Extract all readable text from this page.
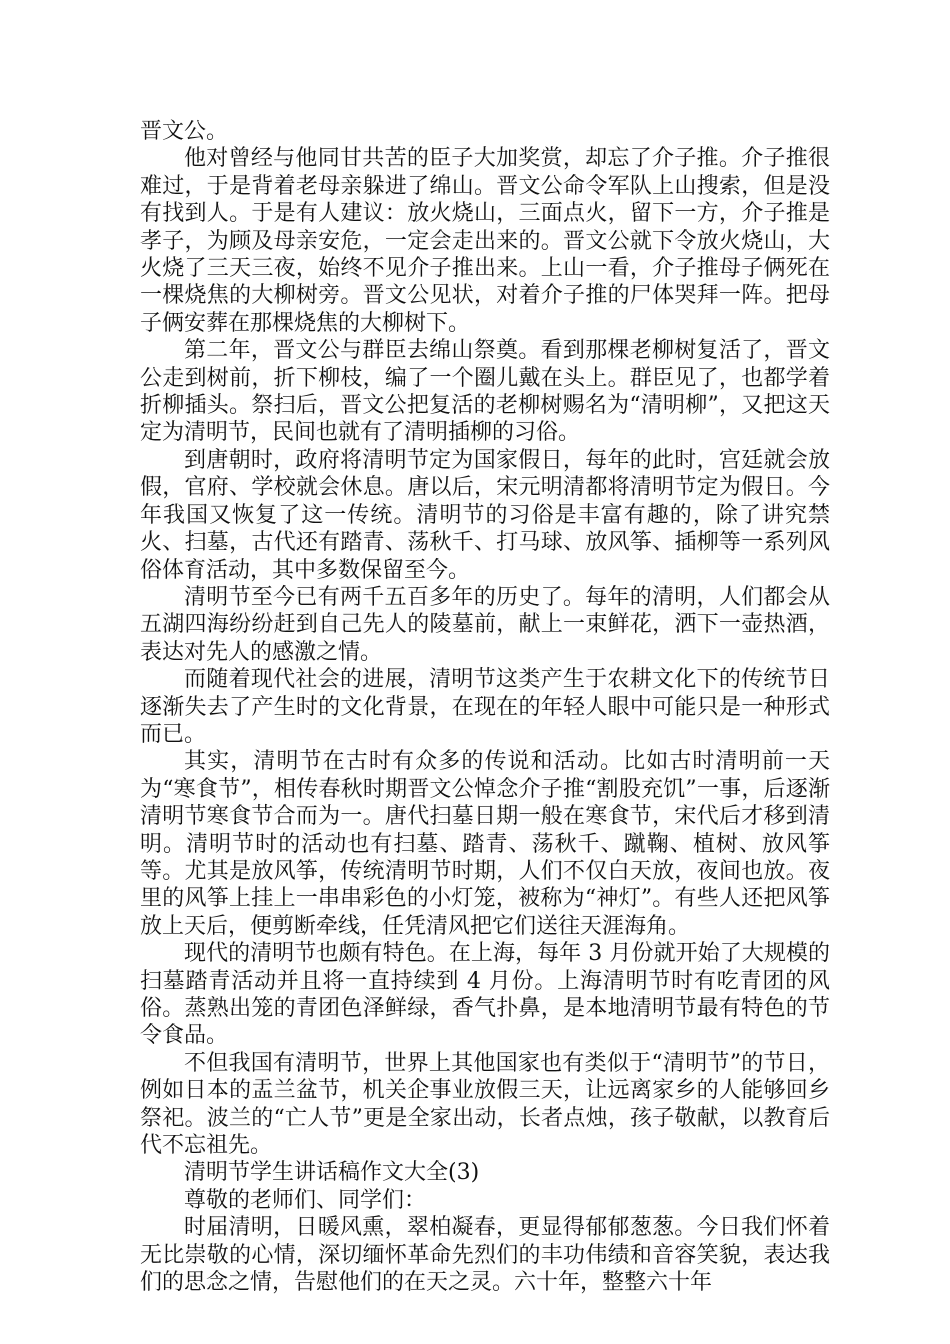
晋文公。

他对曾经与他同甘共苦的臣子大加奖赏，却忘了介子推。介子推很难过，于是背着老母亲躲进了绵山。晋文公命令军队上山搜索，但是没有找到人。于是有人建议：放火烧山，三面点火，留下一方，介子推是孝子，为顾及母亲安危，一定会走出来的。晋文公就下令放火烧山，大火烧了三天三夜，始终不见介子推出来。上山一看，介子推母子俩死在一棵烧焦的大柳树旁。晋文公见状，对着介子推的尸体哭拜一阵。把母子俩安葬在那棵烧焦的大柳树下。

第二年，晋文公与群臣去绵山祭奠。看到那棵老柳树复活了，晋文公走到树前，折下柳枝，编了一个圈儿戴在头上。群臣见了，也都学着折柳插头。祭扫后，晋文公把复活的老柳树赐名为“清明柳”，又把这天定为清明节，民间也就有了清明插柳的习俗。

到唐朝时，政府将清明节定为国家假日，每年的此时，宫廷就会放假，官府、学校就会休息。唐以后，宋元明清都将清明节定为假日。今年我国又恢复了这一传统。清明节的习俗是丰富有趣的，除了讲究禁火、扫墓，古代还有踏青、荡秋千、打马球、放风筝、插柳等一系列风俗体育活动，其中多数保留至今。

清明节至今已有两千五百多年的历史了。每年的清明，人们都会从五湖四海纷纷赶到自己先人的陵墓前，献上一束鲜花，洒下一壶热酒，表达对先人的感激之情。

而随着现代社会的进展，清明节这类产生于农耕文化下的传统节日逐渐失去了产生时的文化背景，在现在的年轻人眼中可能只是一种形式而已。

其实，清明节在古时有众多的传说和活动。比如古时清明前一天为“寒食节”，相传春秋时期晋文公悼念介子推“割股充饥”一事，后逐渐清明节寒食节合而为一。唐代扫墓日期一般在寒食节，宋代后才移到清明。清明节时的活动也有扫墓、踏青、荡秋千、蹴鞠、植树、放风筝等。尤其是放风筝，传统清明节时期，人们不仅白天放，夜间也放。夜里的风筝上挂上一串串彩色的小灯笼，被称为“神灯”。有些人还把风筝放上天后，便剪断牵线，任凭清风把它们送往天涯海角。

现代的清明节也颇有特色。在上海，每年 3 月份就开始了大规模的扫墓踏青活动并且将一直持续到 4 月份。上海清明节时有吃青团的风俗。蒸熟出笼的青团色泽鲜绿，香气扑鼻，是本地清明节最有特色的节令食品。

不但我国有清明节，世界上其他国家也有类似于“清明节”的节日，例如日本的盂兰盆节，机关企事业放假三天，让远离家乡的人能够回乡祭祀。波兰的“亡人节”更是全家出动，长者点烛，孩子敬献，以教育后代不忘祖先。

清明节学生讲话稿作文大全(3)

尊敬的老师们、同学们：

时届清明，日暖风熏，翠柏凝春，更显得郁郁葱葱。今日我们怀着无比崇敬的心情，深切缅怀革命先烈们的丰功伟绩和音容笑貌，表达我们的思念之情，告慰他们的在天之灵。六十年，整整六十年
